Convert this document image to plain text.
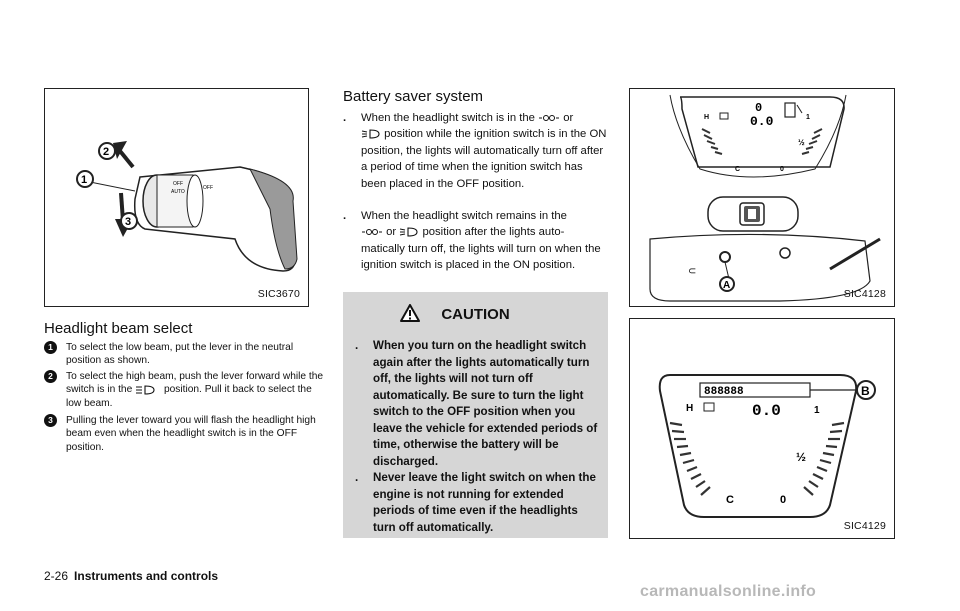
OFF
AUTO
OFF
2
1
3
SIC3670
Headlight beam select
1	To select the low beam, put the lever in the neutral position as shown.
2	To select the high beam, push the lever forward while the switch is in the	position. Pull it back to select the low beam.
3	Pulling the lever toward you will flash the headlight high beam even when the headlight switch is in the OFF position.
Battery saver system
. When the headlight switch is in the	or
position while the ignition switch is in the ON position, the lights will automatically turn off after a period of time when the ignition switch has been placed in the OFF position.
. When the headlight switch remains in the
or position after the lights auto- matically turn off, the lights will turn on when the ignition switch is placed in the ON position.
CAUTION
. When you turn on the headlight switch again after the lights automatically turn off, the lights will not turn off automatically. Be sure to turn the light switch to the OFF position when you leave the vehicle for extended periods of time, otherwise the battery will be discharged.
. Never leave the light switch on when the engine is not running for extended periods of time even if the headlights turn off automatically.
H
C
1
½
0
0
0.0
⊂
A
SIC4128
888888	B
H	0.0	1
½
C	0
SIC4129
2-26 Instruments and controls
carmanualsonline.info
